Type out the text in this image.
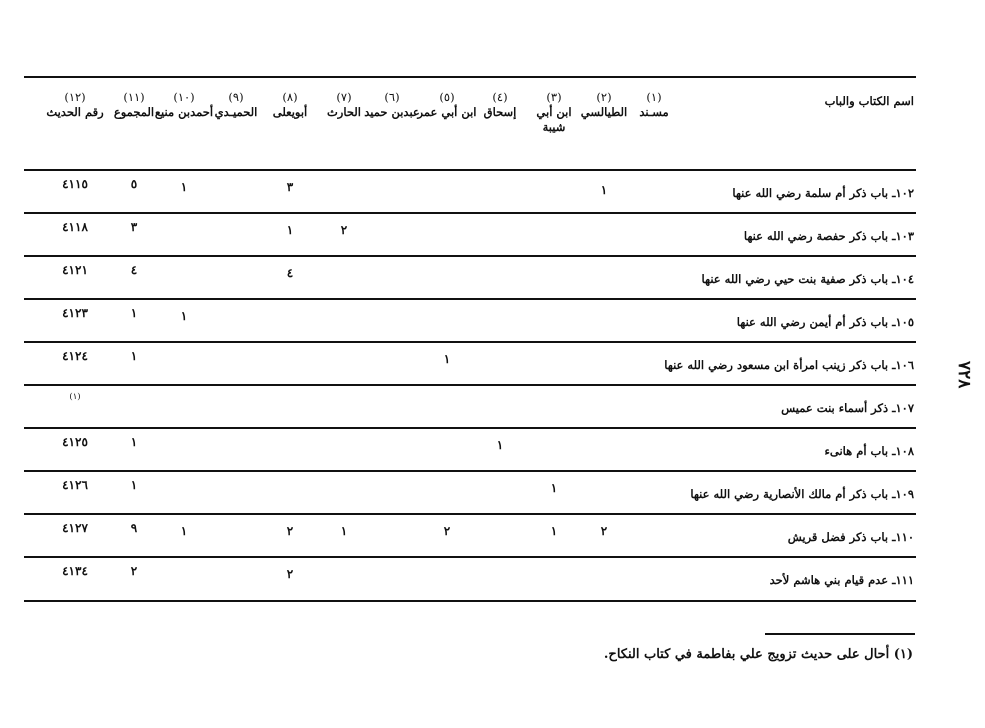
٧٢٨
اسم الكتاب والباب
(١)
مسـند
(٢)
الطيالسي
(٣)
ابن أبي شيبة
(٤)
إسحاق
(٥)
ابن أبي عمر
(٦)
عبدبن حميد
(٧)
الحارث
(٨)
أبويعلى
(٩)
الحميـدي
(١٠)
أحمدبن منيع
(١١)
المجموع
(١٢)
رقم الحديث
١٠٢ـ باب ذكر أم سلمة رضي الله عنها
١
٣
١
٥
٤١١٥
١٠٣ـ باب ذكر حفصة رضي الله عنها
٢
١
٣
٤١١٨
١٠٤ـ باب ذكر صفية بنت حيي رضي الله عنها
٤
٤
٤١٢١
١٠٥ـ باب ذكر أم أيمن رضي الله عنها
١
١
٤١٢٣
١٠٦ـ باب ذكر زينب امرأة ابن مسعود رضي الله عنها
١
١
٤١٢٤
١٠٧ـ ذكر أسماء بنت عميس
(١)
١٠٨ـ باب أم هانىء
١
١
٤١٢٥
١٠٩ـ باب ذكر أم مالك الأنصارية رضي الله عنها
١
١
٤١٢٦
١١٠ـ باب ذكر فضل قريش
٢
١
٢
١
٢
١
٩
٤١٢٧
١١١ـ عدم قيام بني هاشم لأحد
٢
٢
٤١٣٤
(١) أحال على حديث تزويج علي بفاطمة في كتاب النكاح.
